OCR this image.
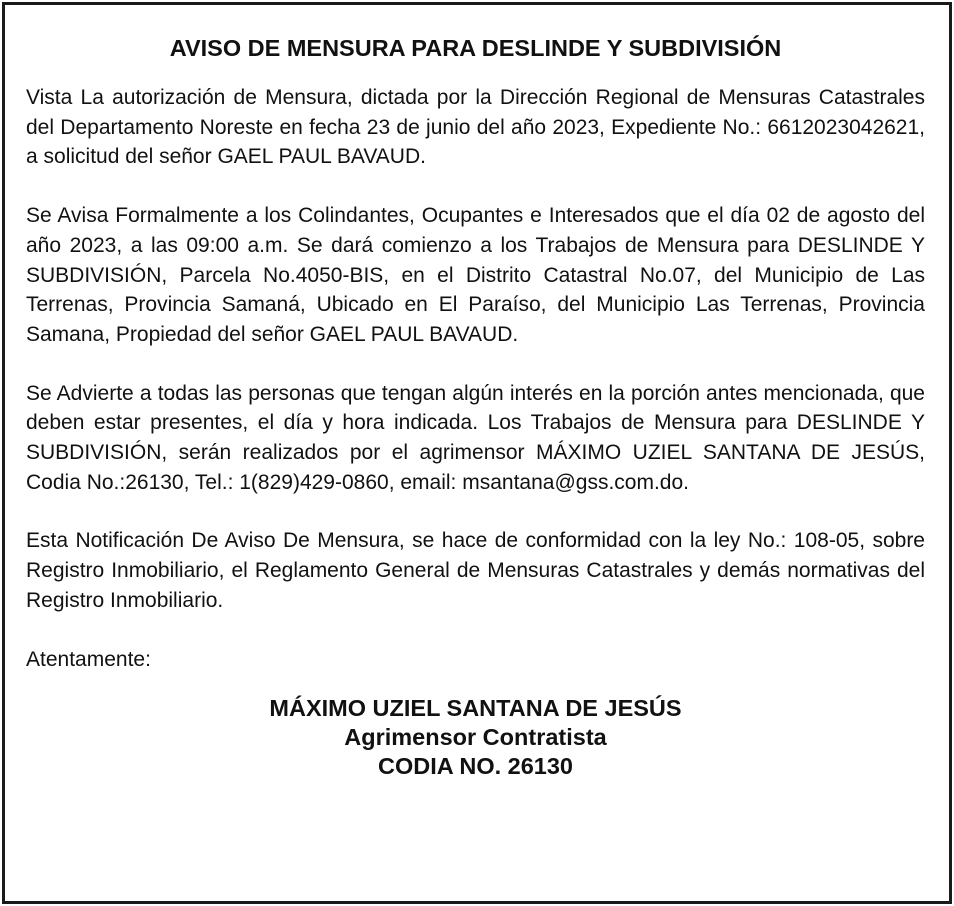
AVISO DE MENSURA PARA DESLINDE Y SUBDIVISIÓN

Vista La autorización de Mensura, dictada por la Dirección Regional de Mensuras Catastrales del Departamento Noreste en fecha 23 de junio del año 2023, Expediente No.: 6612023042621, a solicitud del señor GAEL PAUL BAVAUD.

Se Avisa Formalmente a los Colindantes, Ocupantes e Interesados que el día 02 de agosto del año 2023, a las 09:00 a.m. Se dará comienzo a los Trabajos de Mensura para DESLINDE Y SUBDIVISIÓN, Parcela No.4050-BIS, en el Distrito Catastral No.07, del Municipio de Las Terrenas, Provincia Samaná, Ubicado en El Paraíso, del Municipio Las Terrenas, Provincia Samana, Propiedad del señor GAEL PAUL BAVAUD.

Se Advierte a todas las personas que tengan algún interés en la porción antes mencionada, que deben estar presentes, el día y hora indicada. Los Trabajos de Mensura para DESLINDE Y SUBDIVISIÓN, serán realizados por el agrimensor MÁXIMO UZIEL SANTANA DE JESÚS, Codia No.:26130, Tel.: 1(829)429-0860, email: msantana@gss.com.do.

Esta Notificación De Aviso De Mensura, se hace de conformidad con la ley No.: 108-05, sobre Registro Inmobiliario, el Reglamento General de Mensuras Catastrales y demás normativas del Registro Inmobiliario.

Atentamente:

MÁXIMO UZIEL SANTANA DE JESÚS
Agrimensor Contratista
CODIA NO. 26130
